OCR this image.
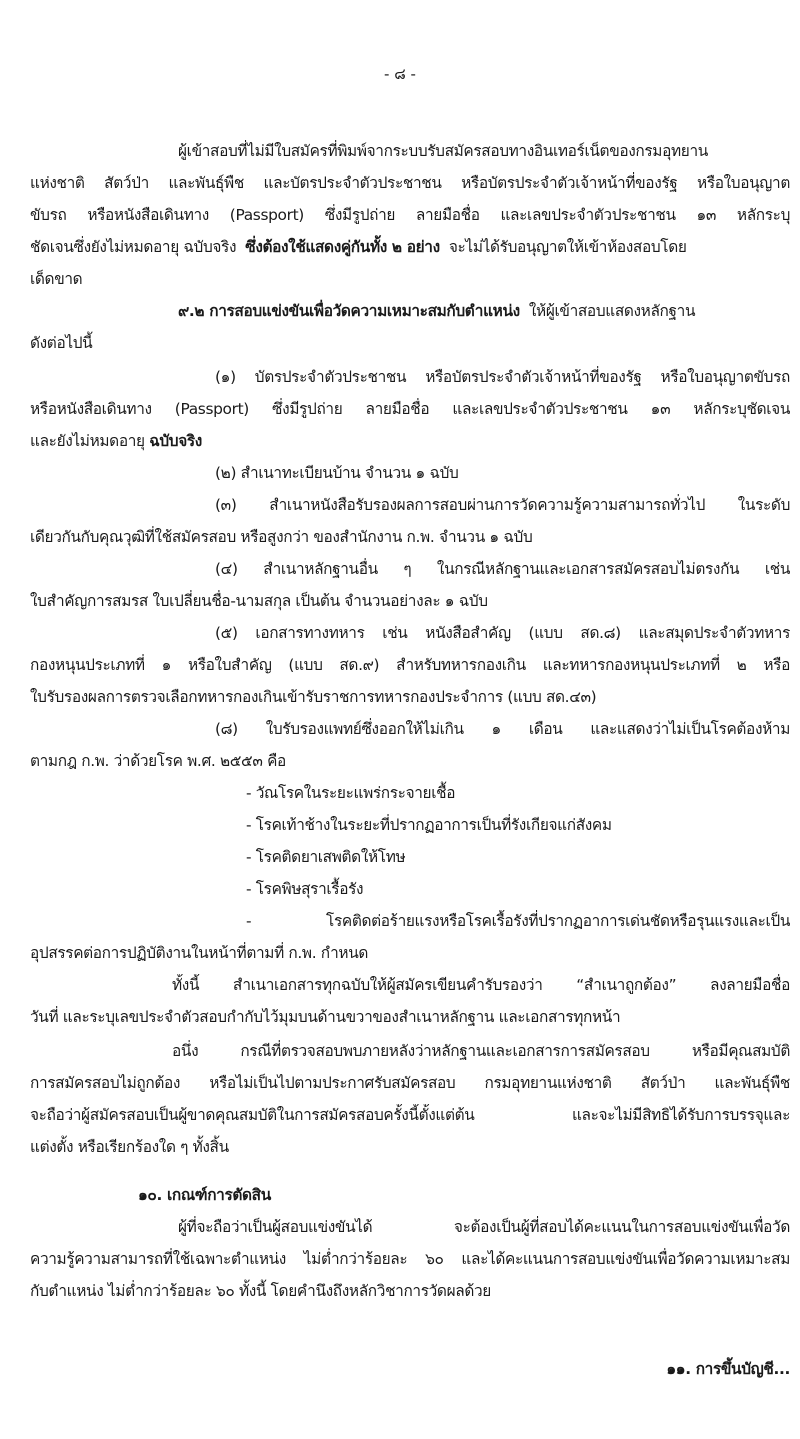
- ๘ -
ผู้เข้าสอบที่ไม่มีใบสมัครที่พิมพ์จากระบบรับสมัครสอบทางอินเทอร์เน็ตของกรมอุทยาน
แห่งชาติ สัตว์ป่า และพันธุ์พืช และบัตรประจำตัวประชาชน หรือบัตรประจำตัวเจ้าหน้าที่ของรัฐ หรือใบอนุญาต
ขับรถ หรือหนังสือเดินทาง (Passport) ซึ่งมีรูปถ่าย ลายมือชื่อ และเลขประจำตัวประชาชน ๑๓ หลักระบุ
ชัดเจนซึ่งยังไม่หมดอายุ ฉบับจริง ซึ่งต้องใช้แสดงคู่กันทั้ง ๒ อย่าง จะไม่ได้รับอนุญาตให้เข้าห้องสอบโดย
เด็ดขาด
๙.๒ การสอบแข่งขันเพื่อวัดความเหมาะสมกับตำแหน่ง ให้ผู้เข้าสอบแสดงหลักฐาน
ดังต่อไปนี้
(๑) บัตรประจำตัวประชาชน หรือบัตรประจำตัวเจ้าหน้าที่ของรัฐ หรือใบอนุญาตขับรถ
หรือหนังสือเดินทาง (Passport) ซึ่งมีรูปถ่าย ลายมือชื่อ และเลขประจำตัวประชาชน ๑๓ หลักระบุชัดเจน
และยังไม่หมดอายุ ฉบับจริง
(๒) สำเนาทะเบียนบ้าน จำนวน ๑ ฉบับ
(๓) สำเนาหนังสือรับรองผลการสอบผ่านการวัดความรู้ความสามารถทั่วไป ในระดับ
เดียวกันกับคุณวุฒิที่ใช้สมัครสอบ หรือสูงกว่า ของสำนักงาน ก.พ. จำนวน ๑ ฉบับ
(๔) สำเนาหลักฐานอื่น ๆ ในกรณีหลักฐานและเอกสารสมัครสอบไม่ตรงกัน เช่น
ใบสำคัญการสมรส ใบเปลี่ยนชื่อ-นามสกุล เป็นต้น จำนวนอย่างละ ๑ ฉบับ
(๕) เอกสารทางทหาร เช่น หนังสือสำคัญ (แบบ สด.๘) และสมุดประจำตัวทหาร
กองหนุนประเภทที่ ๑ หรือใบสำคัญ (แบบ สด.๙) สำหรับทหารกองเกิน และทหารกองหนุนประเภทที่ ๒ หรือ
ใบรับรองผลการตรวจเลือกทหารกองเกินเข้ารับราชการทหารกองประจำการ (แบบ สด.๔๓)
(๘) ใบรับรองแพทย์ซึ่งออกให้ไม่เกิน ๑ เดือน และแสดงว่าไม่เป็นโรคต้องห้าม
ตามกฎ ก.พ. ว่าด้วยโรค พ.ศ. ๒๕๕๓ คือ
- วัณโรคในระยะแพร่กระจายเชื้อ
- โรคเท้าช้างในระยะที่ปรากฏอาการเป็นที่รังเกียจแก่สังคม
- โรคติดยาเสพติดให้โทษ
- โรคพิษสุราเรื้อรัง
- โรคติดต่อร้ายแรงหรือโรคเรื้อรังที่ปรากฏอาการเด่นชัดหรือรุนแรงและเป็น
อุปสรรคต่อการปฏิบัติงานในหน้าที่ตามที่ ก.พ. กำหนด
ทั้งนี้ สำเนาเอกสารทุกฉบับให้ผู้สมัครเขียนคำรับรองว่า “สำเนาถูกต้อง” ลงลายมือชื่อ
วันที่ และระบุเลขประจำตัวสอบกำกับไว้มุมบนด้านขวาของสำเนาหลักฐาน และเอกสารทุกหน้า
อนึ่ง กรณีที่ตรวจสอบพบภายหลังว่าหลักฐานและเอกสารการสมัครสอบ หรือมีคุณสมบัติ
การสมัครสอบไม่ถูกต้อง หรือไม่เป็นไปตามประกาศรับสมัครสอบ กรมอุทยานแห่งชาติ สัตว์ป่า และพันธุ์พืช
จะถือว่าผู้สมัครสอบเป็นผู้ขาดคุณสมบัติในการสมัครสอบครั้งนี้ตั้งแต่ต้น และจะไม่มีสิทธิได้รับการบรรจุและ
แต่งตั้ง หรือเรียกร้องใด ๆ ทั้งสิ้น
๑๐. เกณฑ์การตัดสิน
ผู้ที่จะถือว่าเป็นผู้สอบแข่งขันได้ จะต้องเป็นผู้ที่สอบได้คะแนนในการสอบแข่งขันเพื่อวัด
ความรู้ความสามารถที่ใช้เฉพาะตำแหน่ง ไม่ต่ำกว่าร้อยละ ๖๐ และได้คะแนนการสอบแข่งขันเพื่อวัดความเหมาะสม
กับตำแหน่ง ไม่ต่ำกว่าร้อยละ ๖๐ ทั้งนี้ โดยคำนึงถึงหลักวิชาการวัดผลด้วย
๑๑. การขึ้นบัญชี...
